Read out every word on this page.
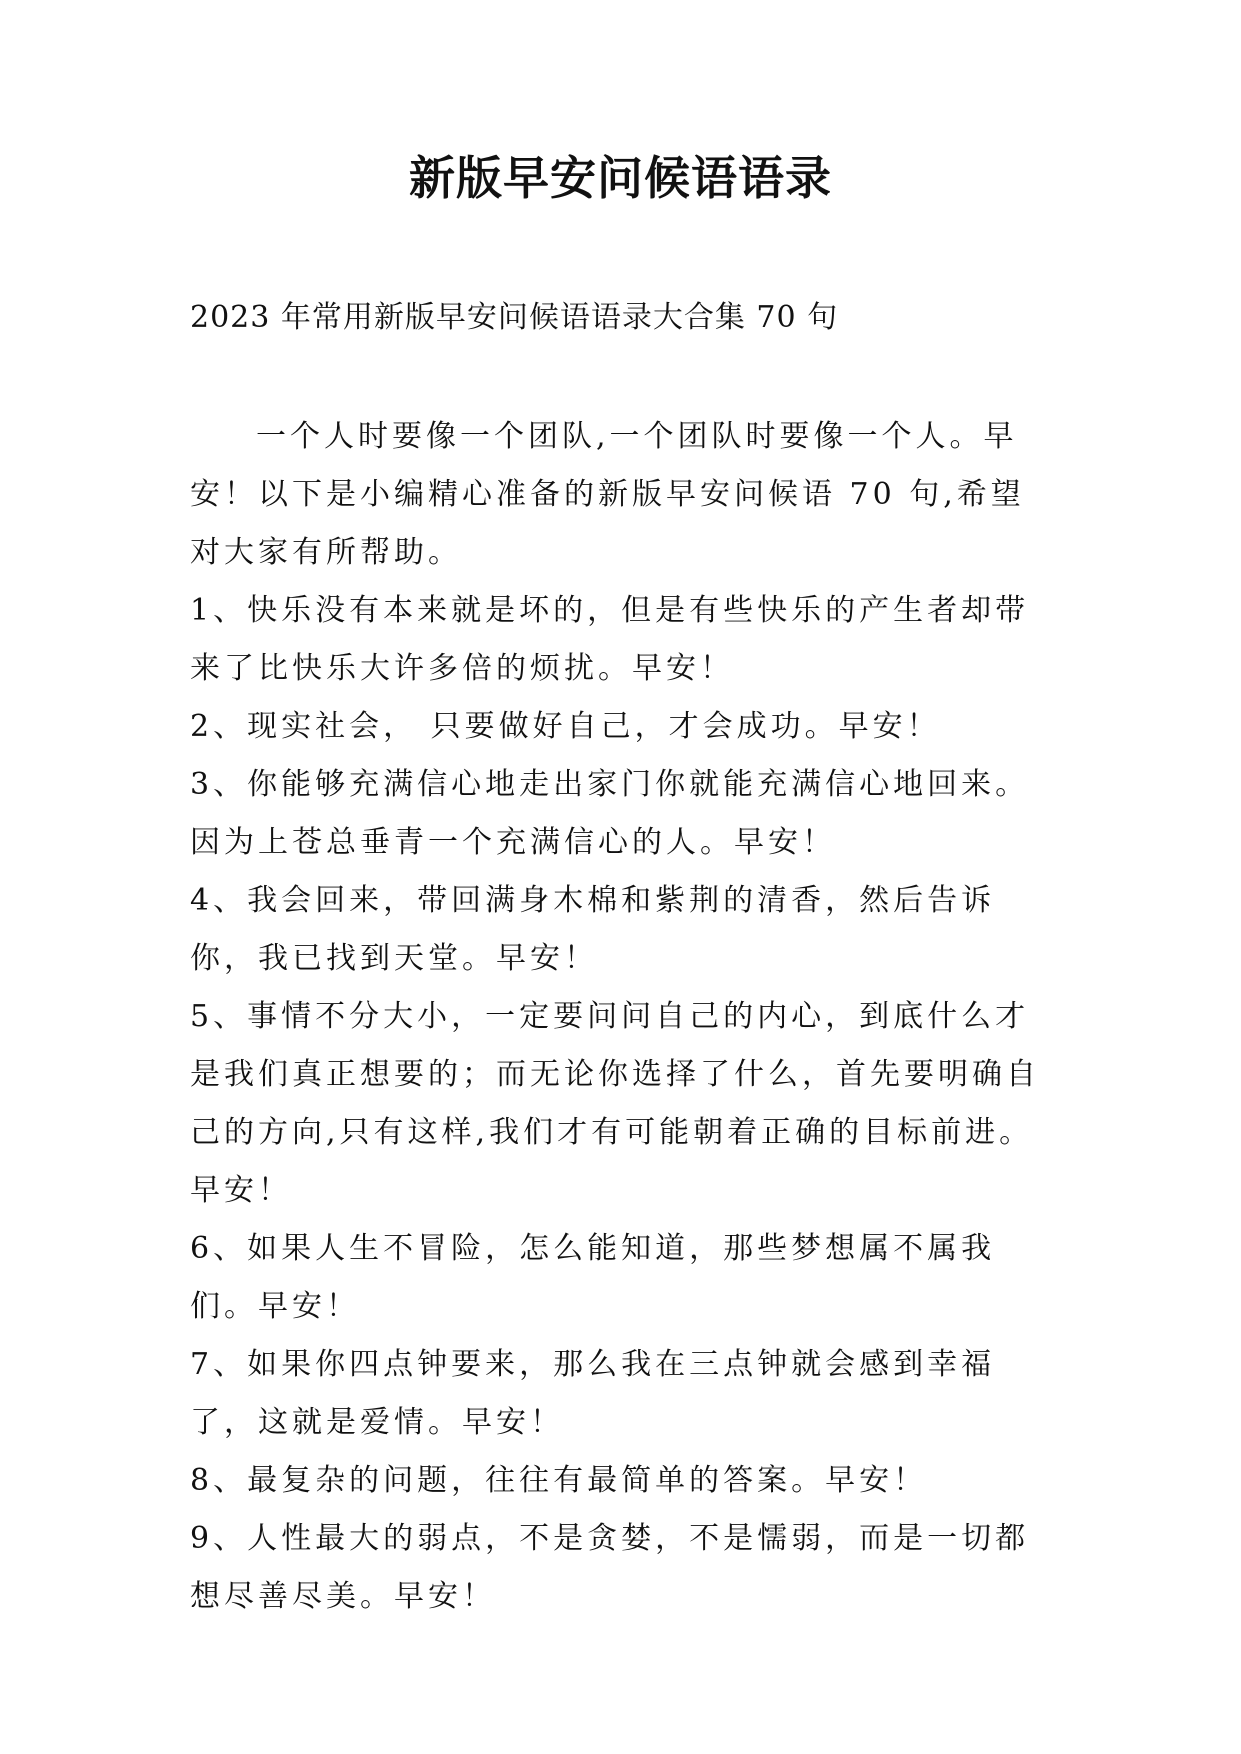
新版早安问候语语录
2023 年常用新版早安问候语语录大合集 70 句

一个人时要像一个团队,一个团队时要像一个人。早安！以下是小编精心准备的新版早安问候语 70 句,希望对大家有所帮助。

1、快乐没有本来就是坏的，但是有些快乐的产生者却带来了比快乐大许多倍的烦扰。早安！

2、现实社会， 只要做好自己，才会成功。早安！

3、你能够充满信心地走出家门你就能充满信心地回来。因为上苍总垂青一个充满信心的人。早安！

4、我会回来，带回满身木棉和紫荆的清香，然后告诉你，我已找到天堂。早安！

5、事情不分大小，一定要问问自己的内心，到底什么才是我们真正想要的；而无论你选择了什么，首先要明确自己的方向,只有这样,我们才有可能朝着正确的目标前进。早安！

6、如果人生不冒险，怎么能知道，那些梦想属不属我们。早安！

7、如果你四点钟要来，那么我在三点钟就会感到幸福了，这就是爱情。早安！

8、最复杂的问题，往往有最简单的答案。早安！

9、人性最大的弱点，不是贪婪，不是懦弱，而是一切都想尽善尽美。早安！
